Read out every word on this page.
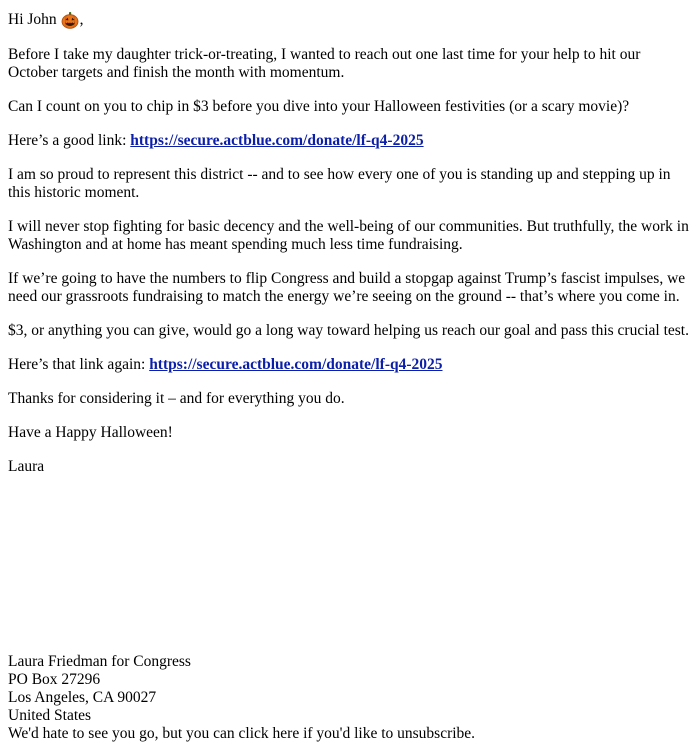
Hi John ,

Before I take my daughter trick-or-treating, I wanted to reach out one last time for your help to hit our October targets and finish the month with momentum.

Can I count on you to chip in $3 before you dive into your Halloween festivities (or a scary movie)?

Here’s a good link: https://secure.actblue.com/donate/lf-q4-2025

I am so proud to represent this district -- and to see how every one of you is standing up and stepping up in this historic moment.

I will never stop fighting for basic decency and the well-being of our communities. But truthfully, the work in Washington and at home has meant spending much less time fundraising.

If we’re going to have the numbers to flip Congress and build a stopgap against Trump’s fascist impulses, we need our grassroots fundraising to match the energy we’re seeing on the ground -- that’s where you come in.

$3, or anything you can give, would go a long way toward helping us reach our goal and pass this crucial test.

Here’s that link again: https://secure.actblue.com/donate/lf-q4-2025

Thanks for considering it – and for everything you do.

Have a Happy Halloween!

Laura

Laura Friedman for Congress
PO Box 27296
Los Angeles, CA 90027
United States
We'd hate to see you go, but you can click here if you'd like to unsubscribe.
